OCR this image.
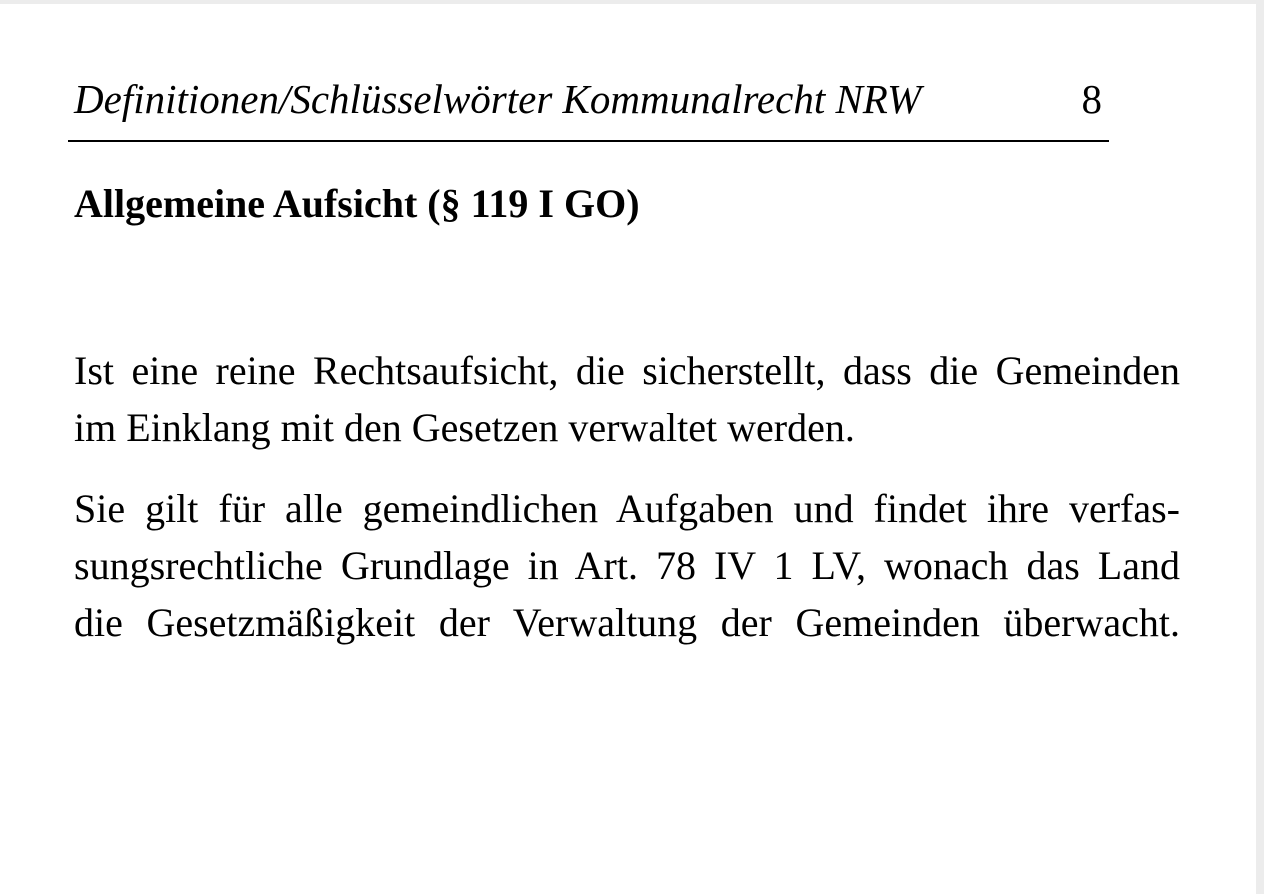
Definitionen/Schlüsselwörter Kommunalrecht NRW	8
Allgemeine Aufsicht (§ 119 I GO)
Ist eine reine Rechtsaufsicht, die sicherstellt, dass die Gemeinden
im Einklang mit den Gesetzen verwaltet werden.
Sie gilt für alle gemeindlichen Aufgaben und findet ihre verfas-
sungsrechtliche Grundlage in Art. 78 IV 1 LV, wonach das Land
die Gesetzmäßigkeit der Verwaltung der Gemeinden überwacht.
